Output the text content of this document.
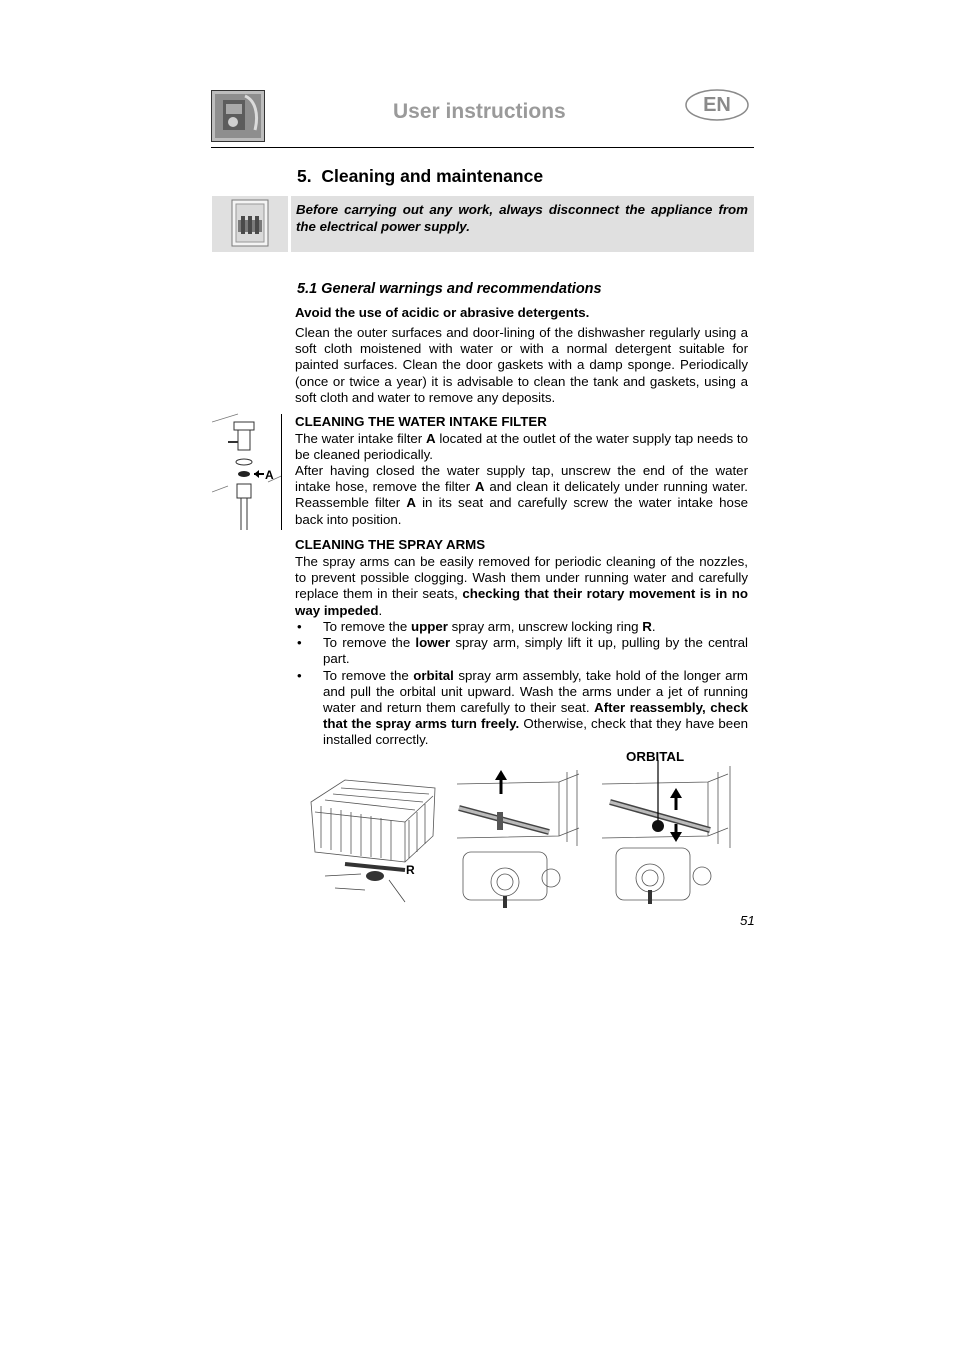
User instructions	EN
5. Cleaning and maintenance
Before carrying out any work, always disconnect the appliance from the electrical power supply.
5.1 General warnings and recommendations
Avoid the use of acidic or abrasive detergents.
Clean the outer surfaces and door-lining of the dishwasher regularly using a soft cloth moistened with water or with a normal detergent suitable for painted surfaces. Clean the door gaskets with a damp sponge. Periodically (once or twice a year) it is advisable to clean the tank and gaskets, using a soft cloth and water to remove any deposits.
A
CLEANING THE WATER INTAKE FILTER
The water intake filter A located at the outlet of the water supply tap needs to be cleaned periodically.
After having closed the water supply tap, unscrew the end of the water intake hose, remove the filter A and clean it delicately under running water. Reassemble filter A in its seat and carefully screw the water intake hose back into position.
CLEANING THE SPRAY ARMS
The spray arms can be easily removed for periodic cleaning of the nozzles, to prevent possible clogging. Wash them under running water and carefully replace them in their seats, checking that their rotary movement is in no way impeded.
• To remove the upper spray arm, unscrew locking ring R.
• To remove the lower spray arm, simply lift it up, pulling by the central part.
• To remove the orbital spray arm assembly, take hold of the longer arm and pull the orbital unit upward. Wash the arms under a jet of running water and return them carefully to their seat. After reassembly, check that the spray arms turn freely. Otherwise, check that they have been installed correctly.
ORBITAL
R
51
